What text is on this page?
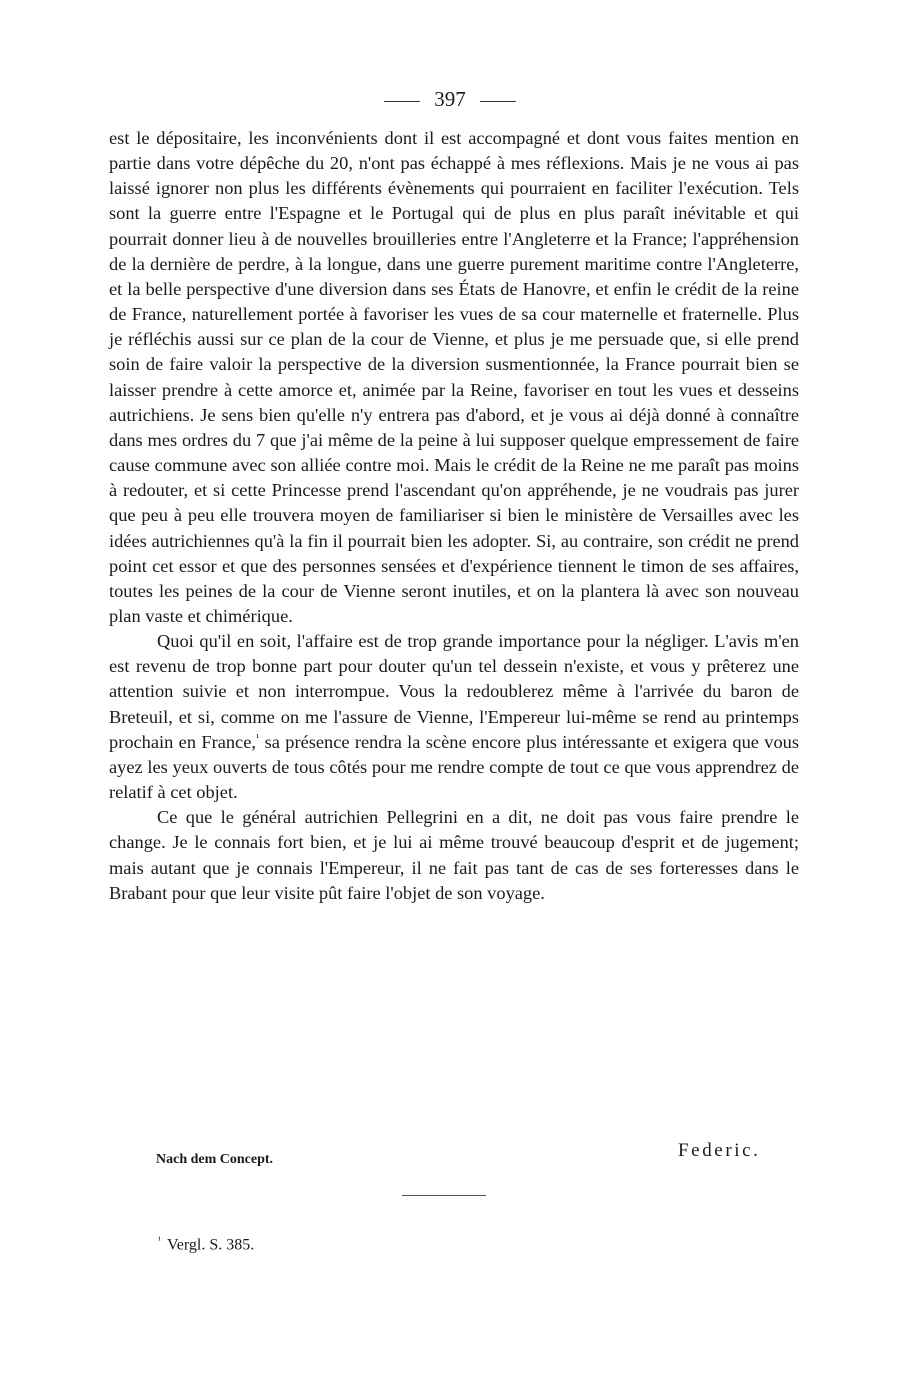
397

est le dépositaire, les inconvénients dont il est accompagné et dont vous faites mention en partie dans votre dépêche du 20, n'ont pas échappé à mes réflexions. Mais je ne vous ai pas laissé ignorer non plus les différents évènements qui pourraient en faciliter l'exécution. Tels sont la guerre entre l'Espagne et le Portugal qui de plus en plus paraît inévitable et qui pourrait donner lieu à de nouvelles brouilleries entre l'Angleterre et la France; l'appréhension de la dernière de perdre, à la longue, dans une guerre purement maritime contre l'Angleterre, et la belle perspective d'une diversion dans ses États de Hanovre, et enfin le crédit de la reine de France, naturellement portée à favoriser les vues de sa cour maternelle et fraternelle. Plus je réfléchis aussi sur ce plan de la cour de Vienne, et plus je me persuade que, si elle prend soin de faire valoir la perspective de la diversion susmentionnée, la France pourrait bien se laisser prendre à cette amorce et, animée par la Reine, favoriser en tout les vues et desseins autrichiens. Je sens bien qu'elle n'y entrera pas d'abord, et je vous ai déjà donné à connaître dans mes ordres du 7 que j'ai même de la peine à lui supposer quelque empressement de faire cause commune avec son alliée contre moi. Mais le crédit de la Reine ne me paraît pas moins à redouter, et si cette Princesse prend l'ascendant qu'on appréhende, je ne voudrais pas jurer que peu à peu elle trouvera moyen de familiariser si bien le ministère de Versailles avec les idées autrichiennes qu'à la fin il pourrait bien les adopter. Si, au contraire, son crédit ne prend point cet essor et que des personnes sensées et d'expérience tiennent le timon de ses affaires, toutes les peines de la cour de Vienne seront inutiles, et on la plantera là avec son nouveau plan vaste et chimérique.

Quoi qu'il en soit, l'affaire est de trop grande importance pour la négliger. L'avis m'en est revenu de trop bonne part pour douter qu'un tel dessein n'existe, et vous y prêterez une attention suivie et non interrompue. Vous la redoublerez même à l'arrivée du baron de Breteuil, et si, comme on me l'assure de Vienne, l'Empereur lui-même se rend au printemps prochain en France,$^{^1}$ sa présence rendra la scène encore plus intéressante et exigera que vous ayez les yeux ouverts de tous côtés pour me rendre compte de tout ce que vous apprendrez de relatif à cet objet.

Ce que le général autrichien Pellegrini en a dit, ne doit pas vous faire prendre le change. Je le connais fort bien, et je lui ai même trouvé beaucoup d'esprit et de jugement; mais autant que je connais l'Empereur, il ne fait pas tant de cas de ses forteresses dans le Brabant pour que leur visite pût faire l'objet de son voyage.

Federic.
Nach dem Concept.
$^{^1}$ Vergl. S. 385.
